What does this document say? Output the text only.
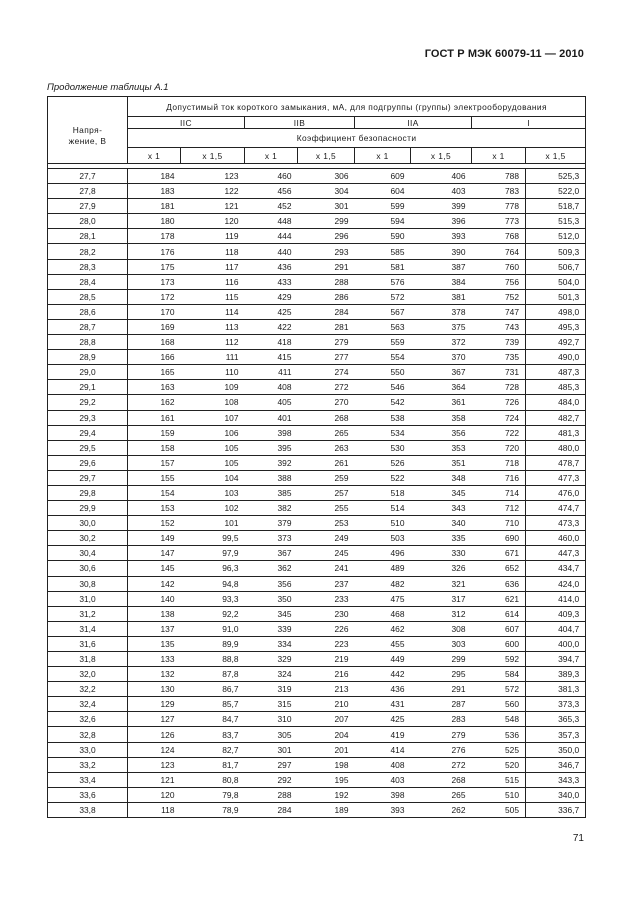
ГОСТ Р МЭК 60079-11 — 2010
Продолжение таблицы А.1

Напря-
жение, В	Допустимый ток короткого замыкания, мА, для подгруппы (группы) электрооборудования							
	IIC		IIB		IIA		I	
	Коэффициент безопасности							
	x 1	x 1,5	x 1	x 1,5	x 1	x 1,5	x 1	x 1,5

27,7	184	123	460	306	609	406	788	525,3
27,8	183	122	456	304	604	403	783	522,0
27,9	181	121	452	301	599	399	778	518,7
28,0	180	120	448	299	594	396	773	515,3
28,1	178	119	444	296	590	393	768	512,0
28,2	176	118	440	293	585	390	764	509,3
28,3	175	117	436	291	581	387	760	506,7
28,4	173	116	433	288	576	384	756	504,0
28,5	172	115	429	286	572	381	752	501,3
28,6	170	114	425	284	567	378	747	498,0
28,7	169	113	422	281	563	375	743	495,3
28,8	168	112	418	279	559	372	739	492,7
28,9	166	111	415	277	554	370	735	490,0
29,0	165	110	411	274	550	367	731	487,3
29,1	163	109	408	272	546	364	728	485,3
29,2	162	108	405	270	542	361	726	484,0
29,3	161	107	401	268	538	358	724	482,7
29,4	159	106	398	265	534	356	722	481,3
29,5	158	105	395	263	530	353	720	480,0
29,6	157	105	392	261	526	351	718	478,7
29,7	155	104	388	259	522	348	716	477,3
29,8	154	103	385	257	518	345	714	476,0
29,9	153	102	382	255	514	343	712	474,7
30,0	152	101	379	253	510	340	710	473,3
30,2	149	99,5	373	249	503	335	690	460,0
30,4	147	97,9	367	245	496	330	671	447,3
30,6	145	96,3	362	241	489	326	652	434,7
30,8	142	94,8	356	237	482	321	636	424,0
31,0	140	93,3	350	233	475	317	621	414,0
31,2	138	92,2	345	230	468	312	614	409,3
31,4	137	91,0	339	226	462	308	607	404,7
31,6	135	89,9	334	223	455	303	600	400,0
31,8	133	88,8	329	219	449	299	592	394,7
32,0	132	87,8	324	216	442	295	584	389,3
32,2	130	86,7	319	213	436	291	572	381,3
32,4	129	85,7	315	210	431	287	560	373,3
32,6	127	84,7	310	207	425	283	548	365,3
32,8	126	83,7	305	204	419	279	536	357,3
33,0	124	82,7	301	201	414	276	525	350,0
33,2	123	81,7	297	198	408	272	520	346,7
33,4	121	80,8	292	195	403	268	515	343,3
33,6	120	79,8	288	192	398	265	510	340,0
33,8	118	78,9	284	189	393	262	505	336,7
71
